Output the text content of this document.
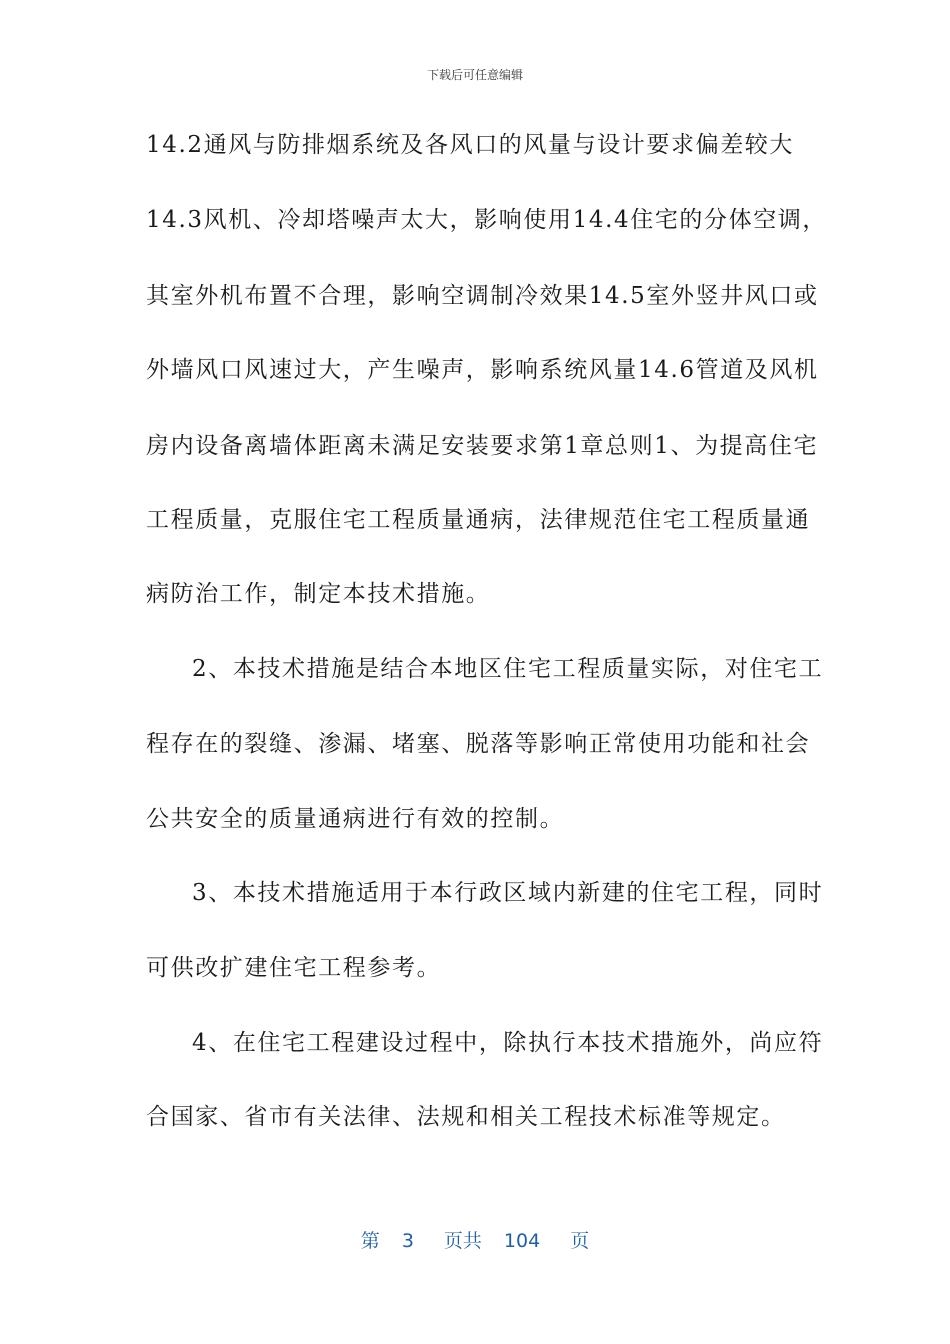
下载后可任意编辑
14.2通风与防排烟系统及各风口的风量与设计要求偏差较大
14.3风机、冷却塔噪声太大，影响使用14.4住宅的分体空调，
其室外机布置不合理，影响空调制冷效果14.5室外竖井风口或
外墙风口风速过大，产生噪声，影响系统风量14.6管道及风机
房内设备离墙体距离未满足安装要求第1章总则1、为提高住宅
工程质量，克服住宅工程质量通病，法律规范住宅工程质量通
病防治工作，制定本技术措施。
2、本技术措施是结合本地区住宅工程质量实际，对住宅工
程存在的裂缝、渗漏、堵塞、脱落等影响正常使用功能和社会
公共安全的质量通病进行有效的控制。
3、本技术措施适用于本行政区域内新建的住宅工程，同时
可供改扩建住宅工程参考。
4、在住宅工程建设过程中，除执行本技术措施外，尚应符
合国家、省市有关法律、法规和相关工程技术标准等规定。
第 3 页共 104 页
